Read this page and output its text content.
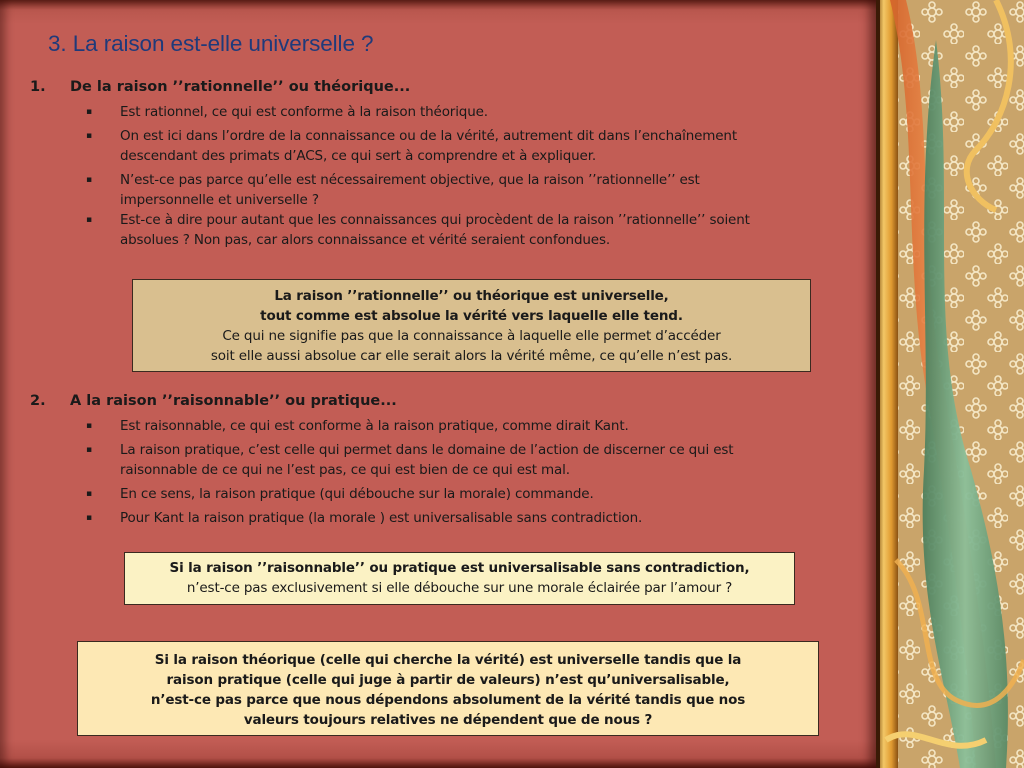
3. La raison est-elle universelle ?
1. De la raison ’’rationnelle’’ ou théorique...
▪ Est rationnel, ce qui est conforme à la raison théorique.
▪ On est ici dans l’ordre de la connaissance ou de la vérité, autrement dit dans l’enchaînement
descendant des primats d’ACS, ce qui sert à comprendre et à expliquer.
▪ N’est-ce pas parce qu’elle est nécessairement objective, que la raison ’’rationnelle’’ est
impersonnelle et universelle ?
▪ Est-ce à dire pour autant que les connaissances qui procèdent de la raison ’’rationnelle’’ soient
absolues ? Non pas, car alors connaissance et vérité seraient confondues.

La raison ’’rationnelle’’ ou théorique est universelle,

tout comme est absolue la vérité vers laquelle elle tend.

Ce qui ne signifie pas que la connaissance à laquelle elle permet d’accéder

soit elle aussi absolue car elle serait alors la vérité même, ce qu’elle n’est pas.

2. A la raison ’’raisonnable’’ ou pratique...
▪ Est raisonnable, ce qui est conforme à la raison pratique, comme dirait Kant.
▪ La raison pratique, c’est celle qui permet dans le domaine de l’action de discerner ce qui est
raisonnable de ce qui ne l’est pas, ce qui est bien de ce qui est mal.
▪ En ce sens, la raison pratique (qui débouche sur la morale) commande.
▪ Pour Kant la raison pratique (la morale ) est universalisable sans contradiction.

Si la raison ’’raisonnable’’ ou pratique est universalisable sans contradiction,

n’est-ce pas exclusivement si elle débouche sur une morale éclairée par l’amour ?

Si la raison théorique (celle qui cherche la vérité) est universelle tandis que la

raison pratique (celle qui juge à partir de valeurs) n’est qu’universalisable,

n’est-ce pas parce que nous dépendons absolument de la vérité tandis que nos

valeurs toujours relatives ne dépendent que de nous ?
